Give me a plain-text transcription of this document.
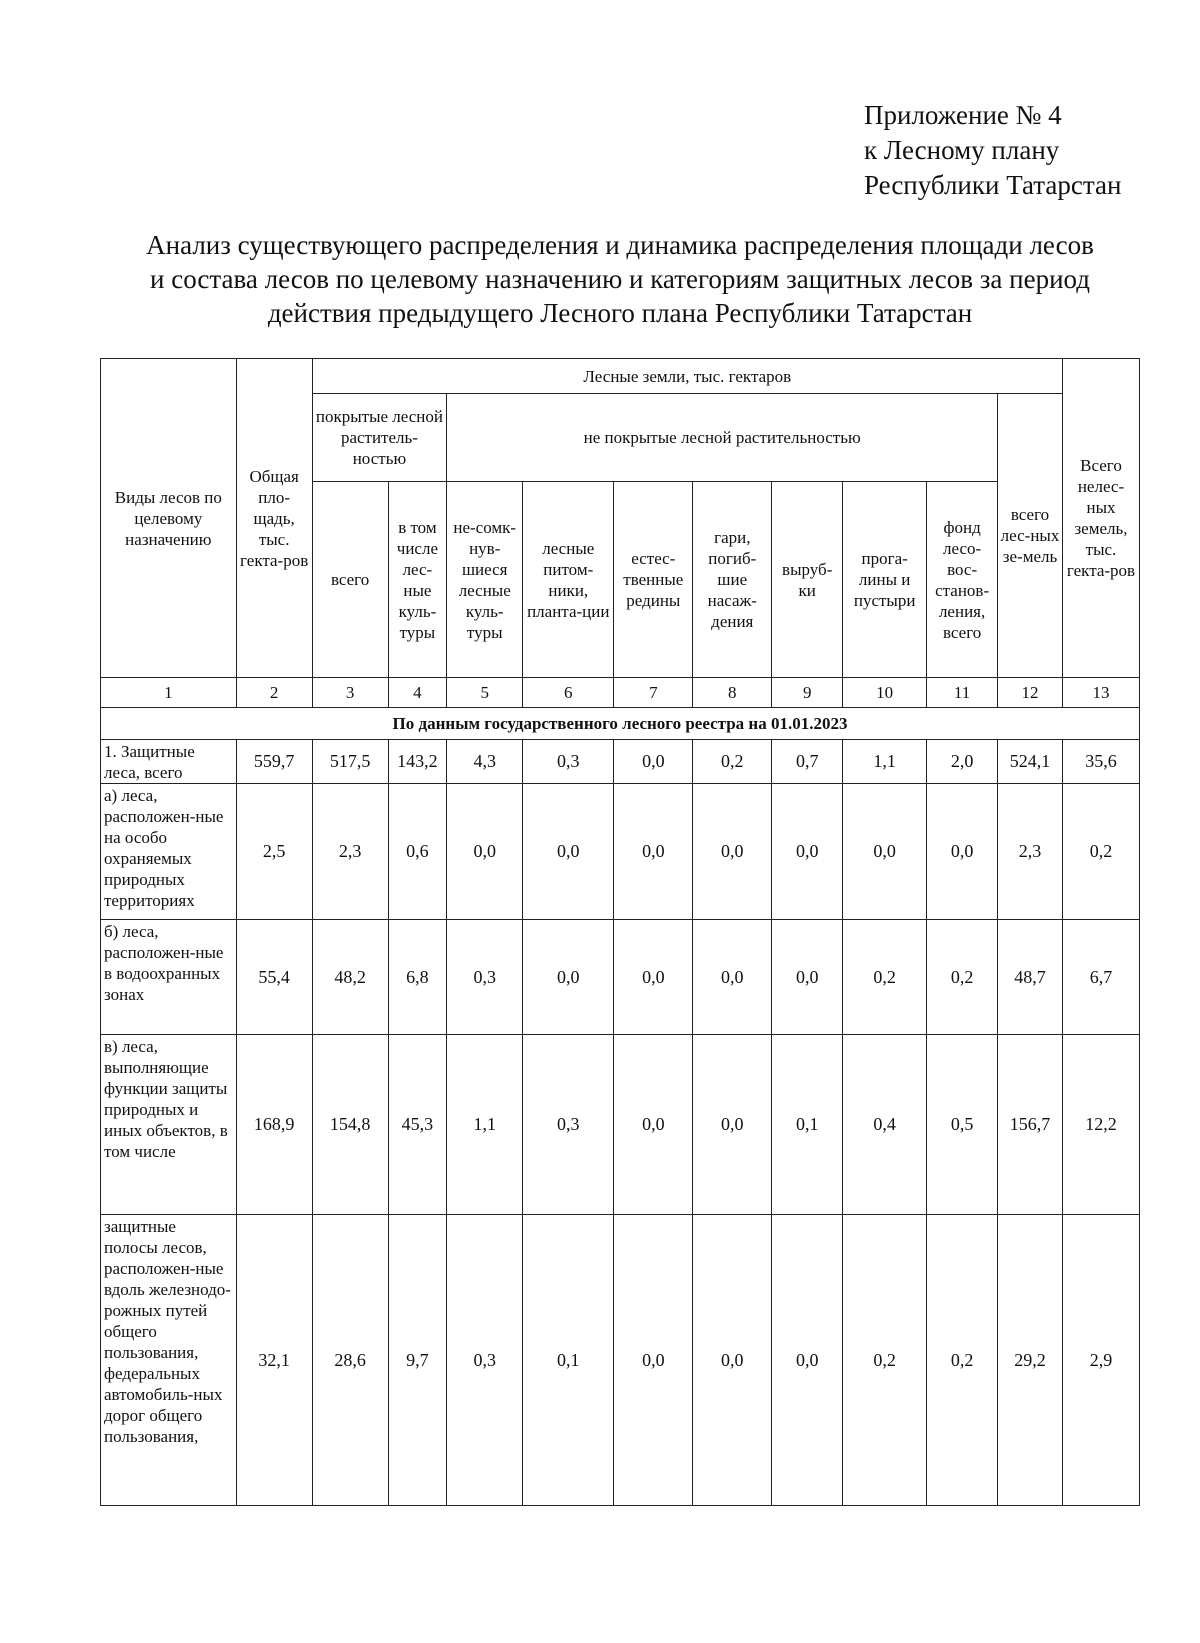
Приложение № 4
к Лесному плану
Республики Татарстан
Анализ существующего распределения и динамика распределения площади лесов
и состава лесов по целевому назначению и категориям защитных лесов за период
действия предыдущего Лесного плана Республики Татарстан
Виды лесов по целевому назначению	Общая пло-щадь, тыс. гекта-ров	Лесные земли, тыс. гектаров										Всего нелес-ных земель, тыс. гекта-ров
		покрытые лесной раститель-ностью		не покрытые лесной растительностью							всего лес-ных зе-мель	
		всего	в том числе лес-ные куль-туры	не-сомк-нув-шиеся лесные куль-туры	лесные питом-ники, планта-ции	естес-твенные редины	гари, погиб-шие насаж-дения	выруб-ки	прога-лины и пустыри	фонд лесо-вос-станов-ления, всего		
1	2	3	4	5	6	7	8	9	10	11	12	13
По данным государственного лесного реестра на 01.01.2023												
1. Защитные леса, всего	559,7	517,5	143,2	4,3	0,3	0,0	0,2	0,7	1,1	2,0	524,1	35,6
а) леса, расположен-ные на особо охраняемых природных территориях	2,5	2,3	0,6	0,0	0,0	0,0	0,0	0,0	0,0	0,0	2,3	0,2
б) леса, расположен-ные в водоохранных зонах	55,4	48,2	6,8	0,3	0,0	0,0	0,0	0,0	0,2	0,2	48,7	6,7
в) леса, выполняющие функции защиты природных и иных объектов, в том числе	168,9	154,8	45,3	1,1	0,3	0,0	0,0	0,1	0,4	0,5	156,7	12,2
защитные полосы лесов, расположен-ные вдоль железнодо-рожных путей общего пользования, федеральных автомобиль-ных дорог общего пользования,	32,1	28,6	9,7	0,3	0,1	0,0	0,0	0,0	0,2	0,2	29,2	2,9
